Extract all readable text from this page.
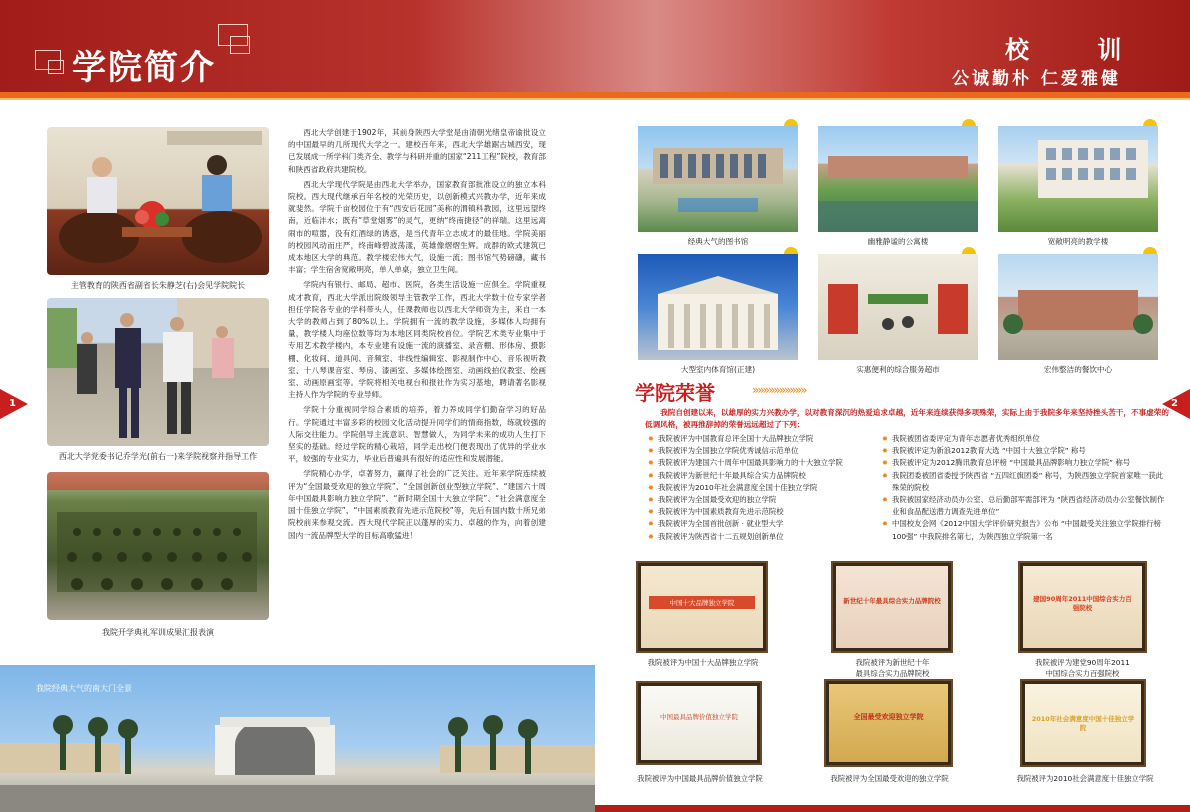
学院简介	校 训
公诚勤朴 仁爱雅健
主管教育的陕西省副省长朱静芝(右)会见学院院长
西北大学党委书记乔学光(前右一)来学院视察并指导工作
我院开学典礼军训成果汇报表演

西北大学创建于1902年，其前身陕西大学堂是由清朝光绪皇帝谕批设立的中国最早的几所现代大学之一。建校百年来，西北大学雄踞古城西安，现已发展成一所学科门类齐全、教学与科研并重的国家“211工程”院校，教育部和陕西省政府共建院校。

西北大学现代学院是由西北大学举办，国家教育部批准设立的独立本科院校。西大现代继承百年名校的光荣历史，以创新模式兴教办学，近年来成就斐然。学院千亩校园位于有“西安后花园”美称的渭镇科教园，这里远望终南，近临沣水；既有“草堂烟雾”的灵气，更纳“终南捷径”的祥瑞。这里远离闹市的喧嚣，没有红酒绿的诱惑，是当代青年立志成才的最佳地。学院美丽的校园风动而庄严，终南峰碧波荡漾，英雄像熠熠生辉。成群的欧式建筑已成本地区大学的典范。教学楼宏伟大气，设施一流；图书馆气势磅礴，藏书丰富；学生宿舍宽敞明亮，单人单桌，独立卫生间。

学院内有银行、邮局、超市、医院，各类生活设施一应俱全。学院重视成才教育，西北大学派出院级领导主管教学工作，西北大学数十位专家学者担任学院各专业的学科带头人，任课教师也以西北大学师资为主，来自一本大学的教师占到了80%以上。学院拥有一流的教学设施，多媒体人均拥有量，教学楼人均座位数等均为本地区同类院校首位。学院艺术类专业集中于专用艺术教学楼内，本专业建有设施一流的演播室、录音棚、形体房、摄影棚、化妆间、道具间、音频室、非线性编辑室、影视制作中心、音乐视听教室、十八琴课音室、琴房、漆画室、多媒体绘图室、动画线拍仪教室、绘画室、动画原画室等。学院将相关电视台和报社作为实习基地，聘请著名影视主持人作为学院的专业导师。

学院十分重视同学综合素质的培养，着力养成同学们勤奋学习的好品行。学院通过丰富多彩的校园文化活动提升同学们的情商指数，练就较强的人际交往能力。学院倡导主流意识、智慧做人，为同学未来的成功人生打下坚实的基础。经过学院的精心栽培，同学走出校门便表现出了优异的学业水平，较强的专业实力，毕业后普遍具有很好的适应性和发展潜能。

学院精心办学，卓著努力，赢得了社会的广泛关注。近年来学院连续被评为“全国最受欢迎的独立学院”、“全国创新创业型独立学院”、“建国六十周年中国最具影响力独立学院”、“新时期全国十大独立学院”、“社会满意度全国十佳独立学院”、“中国素质教育先进示范院校”等，先后有国内数十所兄弟院校前来参观交流。西大现代学院正以蓬厚的实力、卓越的作为，向着创建国内一流品牌型大学的目标高歌猛进！

我院经典大气的南大门全景
1	2
经典大气的图书馆	幽雅静谧的公寓楼	宽敞明亮的教学楼
大型室内体育馆(正建)	实惠便利的综合服务超市	宏伟整洁的餐饮中心
学院荣誉	»»»»»»»»»»
我院自创建以来，以雄厚的实力兴教办学，以对教育深沉的热爱追求卓越，近年来连续获得多项殊荣，实际上由于我院多年来坚持挫头苦干，不事虚荣的低调风格，被再推辞掉的荣誉远远超过了下列：
✸ 我院被评为中国教育总评全国十大品牌独立学院
✸ 我院被评为全国独立学院优秀诚信示范单位
✸ 我院被评为建国六十周年中国最具影响力的十大独立学院
✸ 我院被评为新世纪十年最具综合实力品牌院校
✸ 我院被评为2010年社会满意度全国十佳独立学院
✸ 我院被评为全国最受欢迎的独立学院
✸ 我院被评为中国素质教育先进示范院校
✸ 我院被评为全国首批创新 · 就业型大学
✸ 我院被评为陕西省十二五规划创新单位
✸ 我院被团省委评定为青年志愿者优秀组织单位
✸ 我院被评定为新浪2012教育大选 “中国十大独立学院” 称号
✸ 我院被评定为2012腾讯教育总评榜 “中国最具品牌影响力独立学院” 称号
✸ 我院团委被团省委授予陕西省 “五四红旗团委” 称号，为陕西独立学院首家唯一获此殊荣的院校
✸ 我院被国家经济动员办公室、总后勤部军需部评为 “陕西省经济动员办公室餐饮制作业和食品配送潜力调查先进单位”
✸ 中国校友会网《2012中国大学评价研究报告》公布 “中国最受关注独立学院排行榜100强” 中我院排名第七，为陕西独立学院第一名
中国十大品牌独立学院
我院被评为中国十大品牌独立学院
新世纪十年最具综合实力品牌院校
我院被评为新世纪十年
最具综合实力品牌院校
建国90周年2011中国综合实力百强院校
我院被评为建党90周年2011
中国综合实力百强院校
中国最具品牌价值独立学院
我院被评为中国最具品牌价值独立学院
全国最受欢迎独立学院
我院被评为全国最受欢迎的独立学院
2010年社会满意度中国十佳独立学院
我院被评为2010社会满意度十佳独立学院
